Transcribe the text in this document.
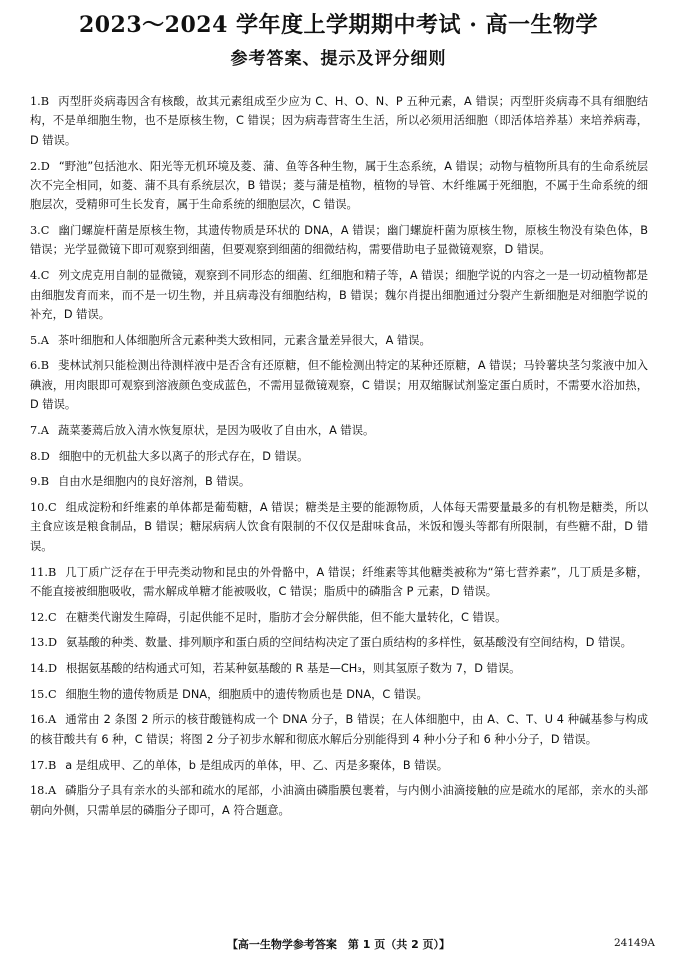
2023～2024 学年度上学期期中考试 · 高一生物学
参考答案、提示及评分细则
1.B 丙型肝炎病毒因含有核酸，故其元素组成至少应为 C、H、O、N、P 五种元素，A 错误；丙型肝炎病毒不具有细胞结构，不是单细胞生物，也不是原核生物，C 错误；因为病毒营寄生生活，所以必须用活细胞（即活体培养基）来培养病毒，D 错误。
2.D “野池”包括池水、阳光等无机环境及菱、蒲、鱼等各种生物，属于生态系统，A 错误；动物与植物所具有的生命系统层次不完全相同，如菱、蒲不具有系统层次，B 错误；菱与蒲是植物，植物的导管、木纤维属于死细胞，不属于生命系统的细胞层次，受精卵可生长发育，属于生命系统的细胞层次，C 错误。
3.C 幽门螺旋杆菌是原核生物，其遗传物质是环状的 DNA，A 错误；幽门螺旋杆菌为原核生物，原核生物没有染色体，B 错误；光学显微镜下即可观察到细菌，但要观察到细菌的细微结构，需要借助电子显微镜观察，D 错误。
4.C 列文虎克用自制的显微镜，观察到不同形态的细菌、红细胞和精子等，A 错误；细胞学说的内容之一是一切动植物都是由细胞发育而来，而不是一切生物，并且病毒没有细胞结构，B 错误；魏尔肖提出细胞通过分裂产生新细胞是对细胞学说的补充，D 错误。
5.A 茶叶细胞和人体细胞所含元素种类大致相同，元素含量差异很大，A 错误。
6.B 斐林试剂只能检测出待测样液中是否含有还原糖，但不能检测出特定的某种还原糖，A 错误；马铃薯块茎匀浆液中加入碘液，用肉眼即可观察到溶液颜色变成蓝色，不需用显微镜观察，C 错误；用双缩脲试剂鉴定蛋白质时，不需要水浴加热，D 错误。
7.A 蔬菜萎蔫后放入清水恢复原状，是因为吸收了自由水，A 错误。
8.D 细胞中的无机盐大多以离子的形式存在，D 错误。
9.B 自由水是细胞内的良好溶剂，B 错误。
10.C 组成淀粉和纤维素的单体都是葡萄糖，A 错误；糖类是主要的能源物质，人体每天需要量最多的有机物是糖类，所以主食应该是粮食制品，B 错误；糖尿病病人饮食有限制的不仅仅是甜味食品，米饭和馒头等都有所限制，有些糖不甜，D 错误。
11.B 几丁质广泛存在于甲壳类动物和昆虫的外骨骼中，A 错误；纤维素等其他糖类被称为“第七营养素”，几丁质是多糖，不能直接被细胞吸收，需水解成单糖才能被吸收，C 错误；脂质中的磷脂含 P 元素，D 错误。
12.C 在糖类代谢发生障碍，引起供能不足时，脂肪才会分解供能，但不能大量转化，C 错误。
13.D 氨基酸的种类、数量、排列顺序和蛋白质的空间结构决定了蛋白质结构的多样性，氨基酸没有空间结构，D 错误。
14.D 根据氨基酸的结构通式可知，若某种氨基酸的 R 基是—CH₃，则其氢原子数为 7，D 错误。
15.C 细胞生物的遗传物质是 DNA，细胞质中的遗传物质也是 DNA，C 错误。
16.A 通常由 2 条图 2 所示的核苷酸链构成一个 DNA 分子，B 错误；在人体细胞中，由 A、C、T、U 4 种碱基参与构成的核苷酸共有 6 种，C 错误；将图 2 分子初步水解和彻底水解后分别能得到 4 种小分子和 6 种小分子，D 错误。
17.B a 是组成甲、乙的单体，b 是组成丙的单体，甲、乙、丙是多聚体，B 错误。
18.A 磷脂分子具有亲水的头部和疏水的尾部，小油滴由磷脂膜包裹着，与内侧小油滴接触的应是疏水的尾部，亲水的头部朝向外侧，只需单层的磷脂分子即可，A 符合题意。
【高一生物学参考答案　第 1 页（共 2 页）】	24149A
